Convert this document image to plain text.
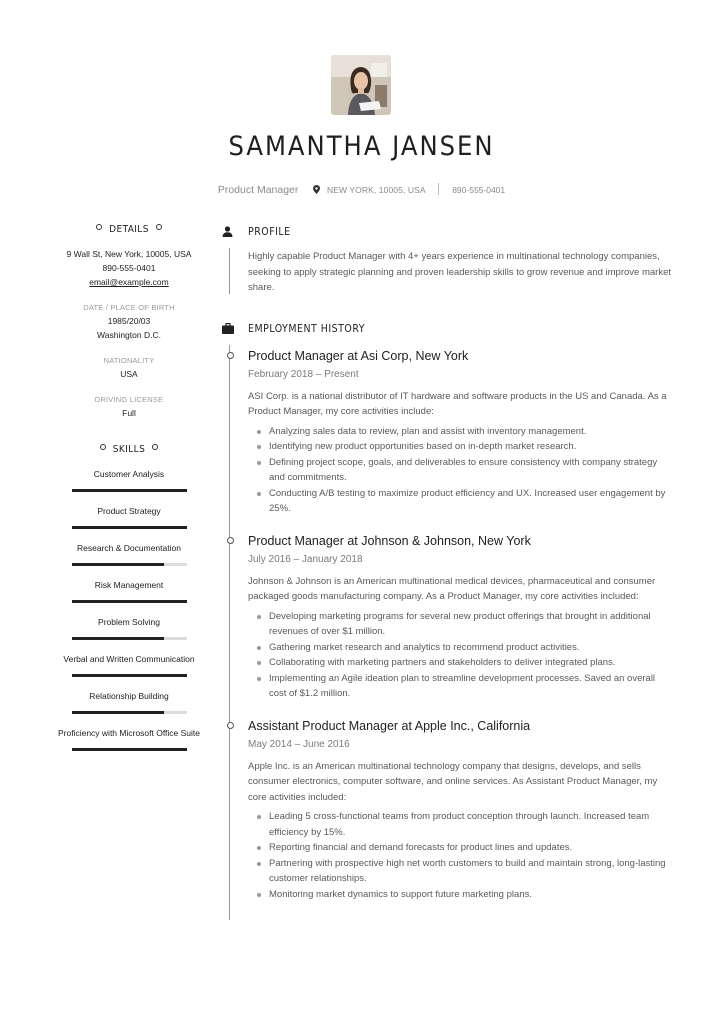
SAMANTHA JANSEN
Product Manager	NEW YORK, 10005, USA	890-555-0401
DETAILS
9 Wall St, New York, 10005, USA
890-555-0401
email@example.com
DATE / PLACE OF BIRTH
1985/20/03
Washington D.C.
NATIONALITY
USA
DRIVING LICENSE
Full
SKILLS
Customer Analysis
Product Strategy
Research & Documentation
Risk Management
Problem Solving
Verbal and Written Communication
Relationship Building
Proficiency with Microsoft Office Suite
PROFILE
Highly capable Product Manager with 4+ years experience in multinational technology companies, seeking to apply strategic planning and proven leadership skills to grow revenue and improve market share.
EMPLOYMENT HISTORY
Product Manager at Asi Corp, New York
February 2018 – Present
ASI Corp. is a national distributor of IT hardware and software products in the US and Canada. As a Product Manager, my core activities include:
Analyzing sales data to review, plan and assist with inventory management.
Identifying new product opportunities based on in-depth market research.
Defining project scope, goals, and deliverables to ensure consistency with company strategy and commitments.
Conducting A/B testing to maximize product efficiency and UX. Increased user engagement by 25%.
Product Manager at Johnson & Johnson, New York
July 2016 – January 2018
Johnson & Johnson is an American multinational medical devices, pharmaceutical and consumer packaged goods manufacturing company. As a Product Manager, my core activities included:
Developing marketing programs for several new product offerings that brought in additional revenues of over $1 million.
Gathering market research and analytics to recommend product activities.
Collaborating with marketing partners and stakeholders to deliver integrated plans.
Implementing an Agile ideation plan to streamline development processes. Saved an overall cost of $1.2 million.
Assistant Product Manager at Apple Inc., California
May 2014 – June 2016
Apple Inc. is an American multinational technology company that designs, develops, and sells consumer electronics, computer software, and online services. As Assistant Product Manager, my core activities included:
Leading 5 cross-functional teams from product conception through launch. Increased team efficiency by 15%.
Reporting financial and demand forecasts for product lines and updates.
Partnering with prospective high net worth customers to build and maintain strong, long-lasting customer relationships.
Monitoring market dynamics to support future marketing plans.
